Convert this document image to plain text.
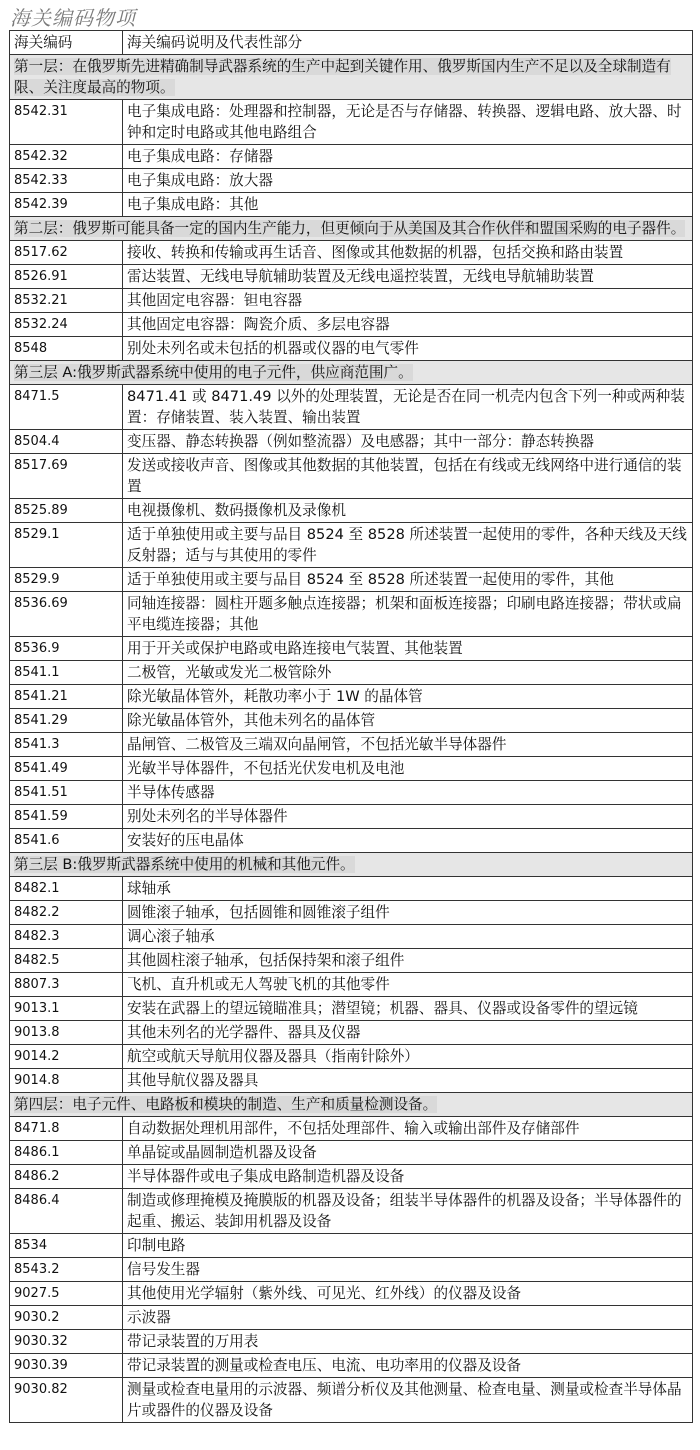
海关编码物项
海关编码	海关编码说明及代表性部分
第一层：在俄罗斯先进精确制导武器系统的生产中起到关键作用、俄罗斯国内生产不足以及全球制造有限、关注度最高的物项。	
8542.31	电子集成电路：处理器和控制器，无论是否与存储器、转换器、逻辑电路、放大器、时钟和定时电路或其他电路组合
8542.32	电子集成电路：存储器
8542.33	电子集成电路：放大器
8542.39	电子集成电路：其他
第二层：俄罗斯可能具备一定的国内生产能力，但更倾向于从美国及其合作伙伴和盟国采购的电子器件。	
8517.62	接收、转换和传输或再生话音、图像或其他数据的机器，包括交换和路由装置
8526.91	雷达装置、无线电导航辅助装置及无线电遥控装置，无线电导航辅助装置
8532.21	其他固定电容器：钽电容器
8532.24	其他固定电容器：陶瓷介质、多层电容器
8548	别处未列名或未包括的机器或仪器的电气零件
第三层 A:俄罗斯武器系统中使用的电子元件，供应商范围广。	
8471.5	8471.41 或 8471.49 以外的处理装置，无论是否在同一机壳内包含下列一种或两种装置：存储装置、装入装置、输出装置
8504.4	变压器、静态转换器（例如整流器）及电感器；其中一部分：静态转换器
8517.69	发送或接收声音、图像或其他数据的其他装置，包括在有线或无线网络中进行通信的装置
8525.89	电视摄像机、数码摄像机及录像机
8529.1	适于单独使用或主要与品目 8524 至 8528 所述装置一起使用的零件，各种天线及天线反射器；适与与其使用的零件
8529.9	适于单独使用或主要与品目 8524 至 8528 所述装置一起使用的零件，其他
8536.69	同轴连接器：圆柱开题多触点连接器；机架和面板连接器；印刷电路连接器；带状或扁平电缆连接器；其他
8536.9	用于开关或保护电路或电路连接电气装置、其他装置
8541.1	二极管，光敏或发光二极管除外
8541.21	除光敏晶体管外，耗散功率小于 1W 的晶体管
8541.29	除光敏晶体管外，其他未列名的晶体管
8541.3	晶闸管、二极管及三端双向晶闸管，不包括光敏半导体器件
8541.49	光敏半导体器件，不包括光伏发电机及电池
8541.51	半导体传感器
8541.59	别处未列名的半导体器件
8541.6	安装好的压电晶体
第三层 B:俄罗斯武器系统中使用的机械和其他元件。	
8482.1	球轴承
8482.2	圆锥滚子轴承，包括圆锥和圆锥滚子组件
8482.3	调心滚子轴承
8482.5	其他圆柱滚子轴承，包括保持架和滚子组件
8807.3	飞机、直升机或无人驾驶飞机的其他零件
9013.1	安装在武器上的望远镜瞄准具；潜望镜；机器、器具、仪器或设备零件的望远镜
9013.8	其他未列名的光学器件、器具及仪器
9014.2	航空或航天导航用仪器及器具（指南针除外）
9014.8	其他导航仪器及器具
第四层：电子元件、电路板和模块的制造、生产和质量检测设备。	
8471.8	自动数据处理机用部件，不包括处理部件、输入或输出部件及存储部件
8486.1	单晶锭或晶圆制造机器及设备
8486.2	半导体器件或电子集成电路制造机器及设备
8486.4	制造或修理掩模及掩膜版的机器及设备；组装半导体器件的机器及设备；半导体器件的起重、搬运、装卸用机器及设备
8534	印制电路
8543.2	信号发生器
9027.5	其他使用光学辐射（紫外线、可见光、红外线）的仪器及设备
9030.2	示波器
9030.32	带记录装置的万用表
9030.39	带记录装置的测量或检查电压、电流、电功率用的仪器及设备
9030.82	测量或检查电量用的示波器、频谱分析仪及其他测量、检查电量、测量或检查半导体晶片或器件的仪器及设备
